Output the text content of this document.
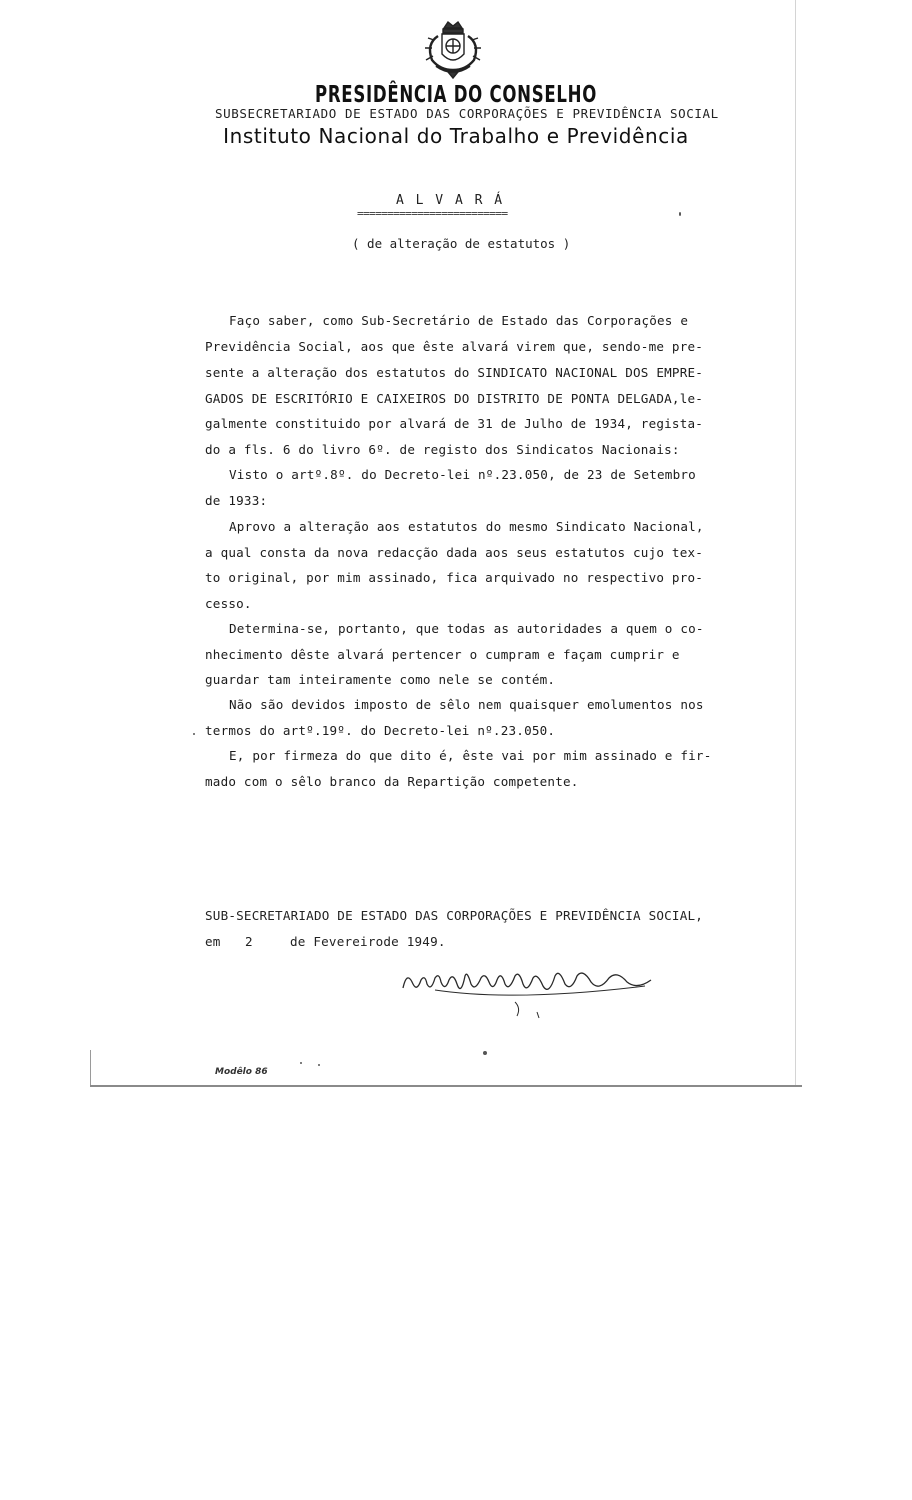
PRESIDÊNCIA DO CONSELHO
SUBSECRETARIADO DE ESTADO DAS CORPORAÇÕES E PREVIDÊNCIA SOCIAL
Instituto Nacional do Trabalho e Previdência
A L V A R Á
=========================
( de alteração de estatutos )
Faço saber, como Sub-Secretário de Estado das Corporações e
Previdência Social, aos que êste alvará virem que, sendo-me pre-
sente a alteração dos estatutos do SINDICATO NACIONAL DOS EMPRE-
GADOS DE ESCRITÓRIO E CAIXEIROS DO DISTRITO DE PONTA DELGADA,le-
galmente constituido por alvará de 31 de Julho de 1934, regista-
do a fls. 6 do livro 6º. de registo dos Sindicatos Nacionais:
Visto o artº.8º. do Decreto-lei nº.23.050, de 23 de Setembro
de 1933:
Aprovo a alteração aos estatutos do mesmo Sindicato Nacional,
a qual consta da nova redacção dada aos seus estatutos cujo tex-
to original, por mim assinado, fica arquivado no respectivo pro-
cesso.
Determina-se, portanto, que todas as autoridades a quem o co-
nhecimento dêste alvará pertencer o cumpram e façam cumprir e
guardar tam inteiramente como nele se contém.
Não são devidos imposto de sêlo nem quaisquer emolumentos nos
termos do artº.19º. do Decreto-lei nº.23.050.
E, por firmeza do que dito é, êste vai por mim assinado e fir-
mado com o sêlo branco da Repartição competente.
SUB-SECRETARIADO DE ESTADO DAS CORPORAÇÕES E PREVIDÊNCIA SOCIAL,
em 2	de Fevereirode 1949.
Modêlo 86
